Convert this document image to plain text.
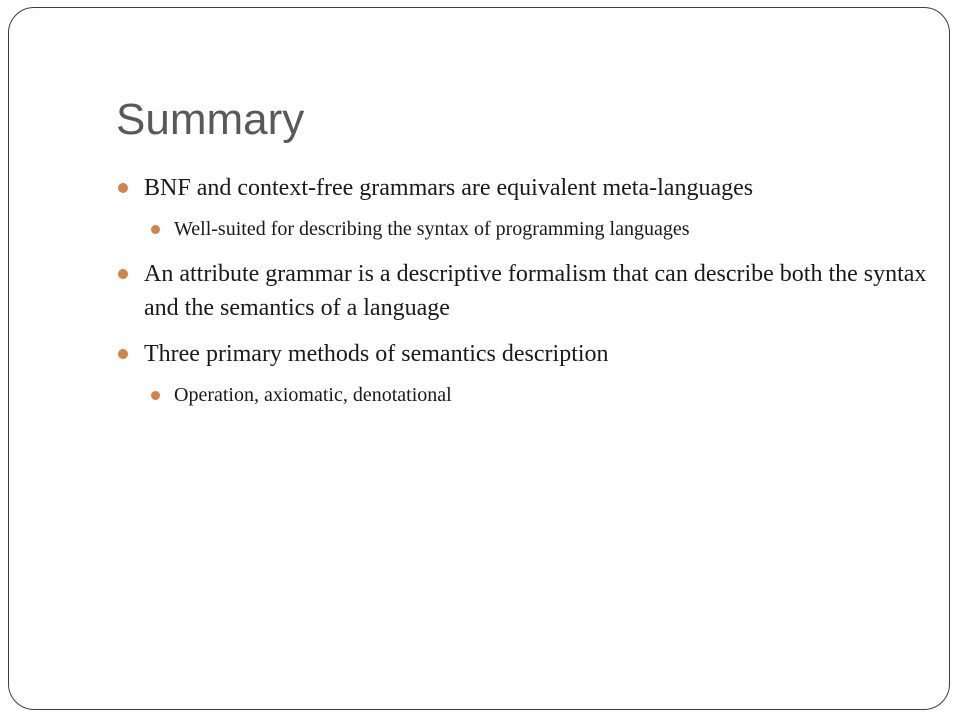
Summary
BNF and context-free grammars are equivalent meta-languages
Well-suited for describing the syntax of programming languages
An attribute grammar is a descriptive formalism that can describe both the syntax and the semantics of a language
Three primary methods of semantics description
Operation, axiomatic, denotational
